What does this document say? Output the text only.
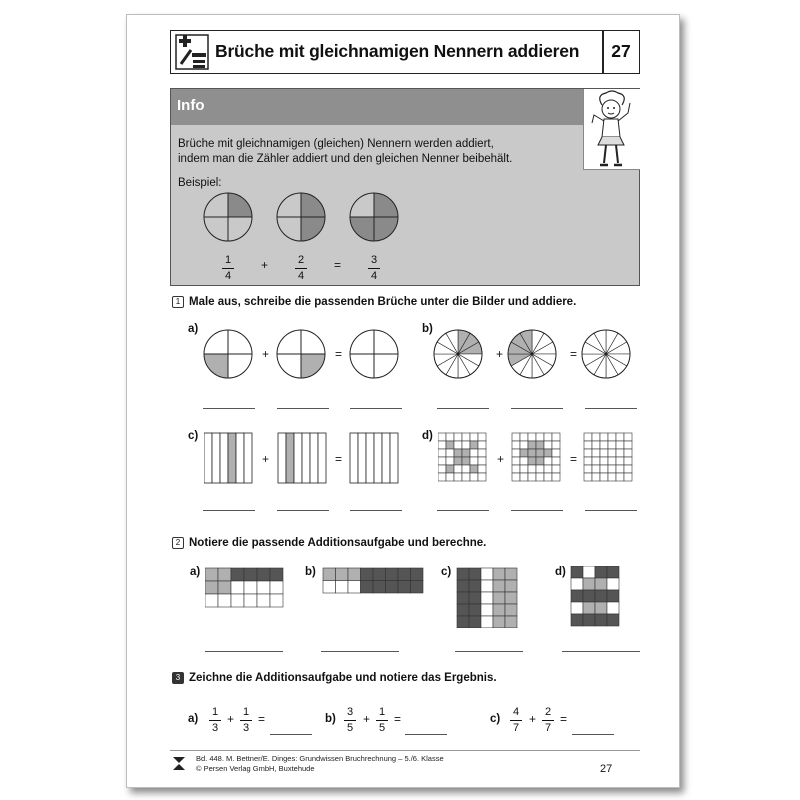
Brüche mit gleichnamigen Nennern addieren	27
Info
Brüche mit gleichnamigen (gleichen) Nennern werden addiert,
indem man die Zähler addiert und den gleichen Nenner beibehält.
Beispiel:
1
4
+	2
4
=	3
4
1 Male aus, schreibe die passenden Brüche unter die Bilder und addiere.
a)	b)
c)	d)
+	=	+	=
+	=	+	=
2 Notiere die passende Additionsaufgabe und berechne.
a)	b)	c)	d)
3 Zeichne die Additionsaufgabe und notiere das Ergebnis.
a)
1
3
+ 1
3
=	b)
3
5
+ 1
5
=	c)
4
7
+ 2
7
=
Bd. 448. M. Bettner/E. Dinges: Grundwissen Bruchrechnung – 5./6. Klasse
© Persen Verlag GmbH, Buxtehude	27
